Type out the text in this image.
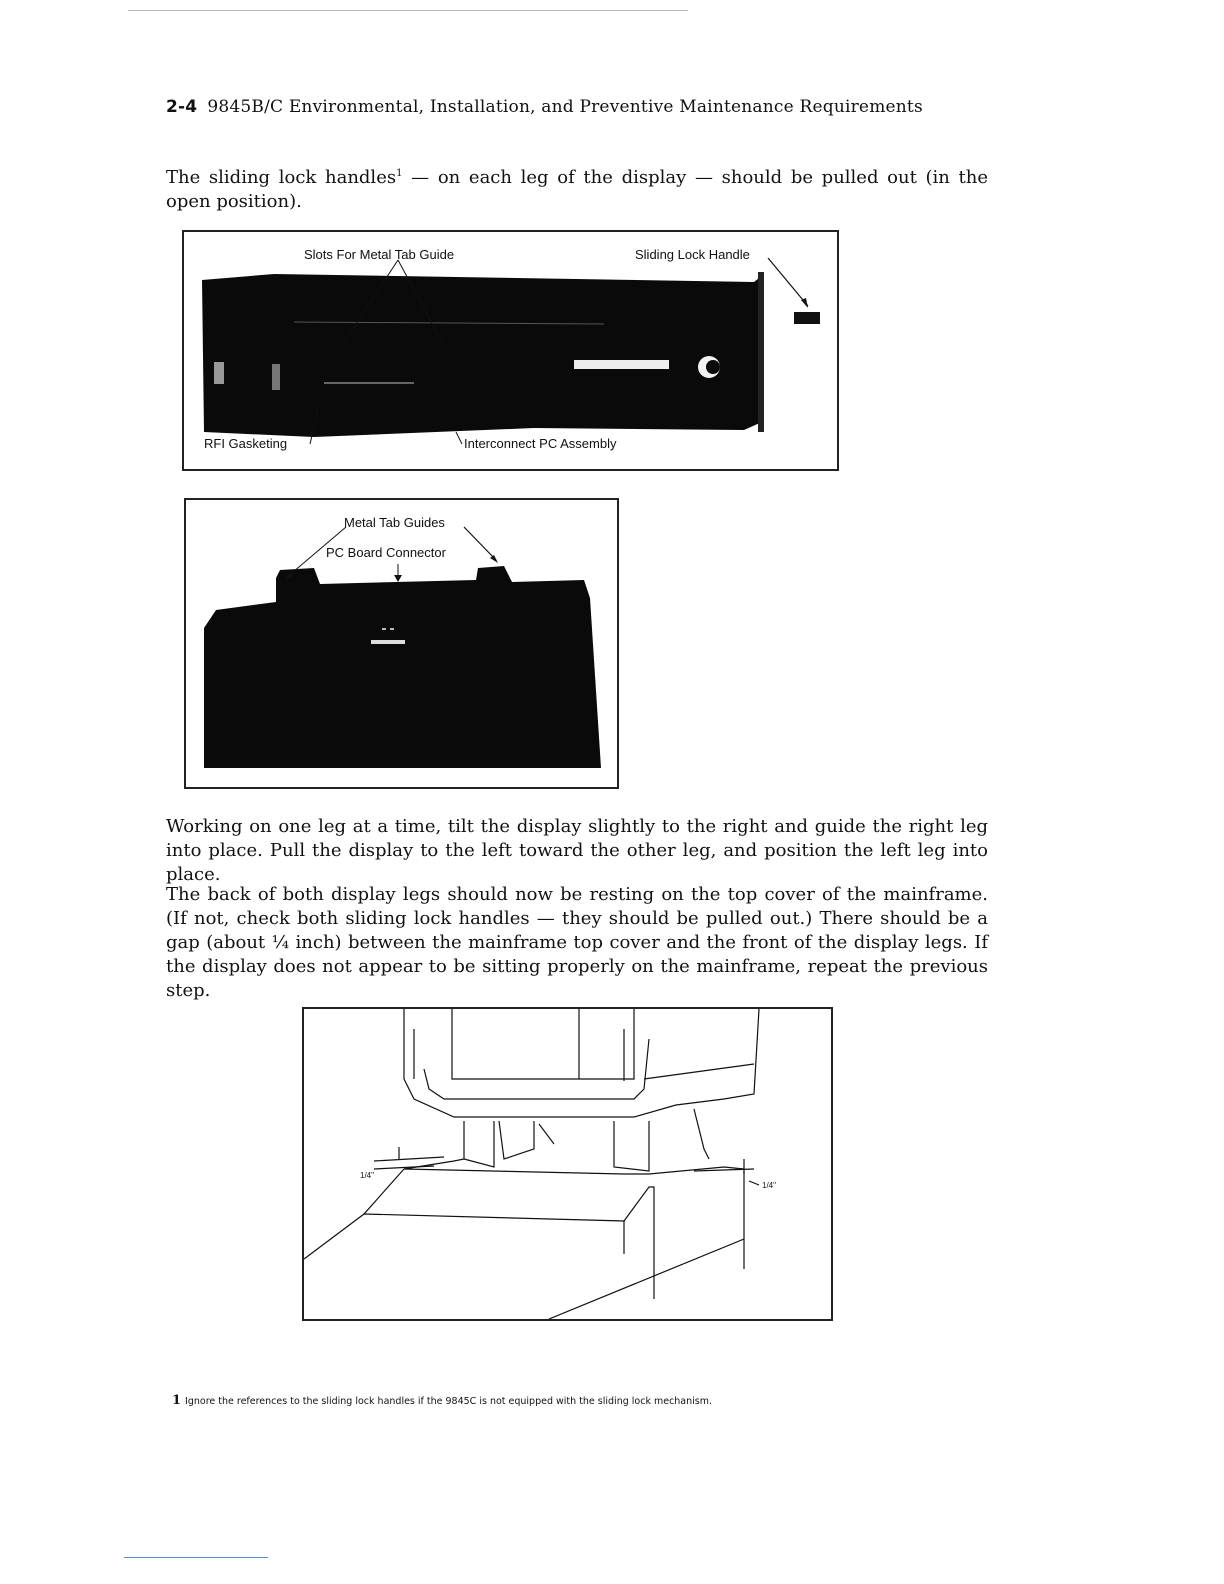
2-4 9845B/C Environmental, Installation, and Preventive Maintenance Requirements
The sliding lock handles$^1$ — on each leg of the display — should be pulled out (in the open position).
Slots For Metal Tab Guide	Sliding Lock Handle
RFI Gasketing	Interconnect PC Assembly
Metal Tab Guides
PC Board Connector
Working on one leg at a time, tilt the display slightly to the right and guide the right leg into place. Pull the display to the left toward the other leg, and position the left leg into place.
The back of both display legs should now be resting on the top cover of the mainframe. (If not, check both sliding lock handles — they should be pulled out.) There should be a gap (about ¼ inch) between the mainframe top cover and the front of the display legs. If the display does not appear to be sitting properly on the mainframe, repeat the previous step.
1/4"
1/4"
1 Ignore the references to the sliding lock handles if the 9845C is not equipped with the sliding lock mechanism.
